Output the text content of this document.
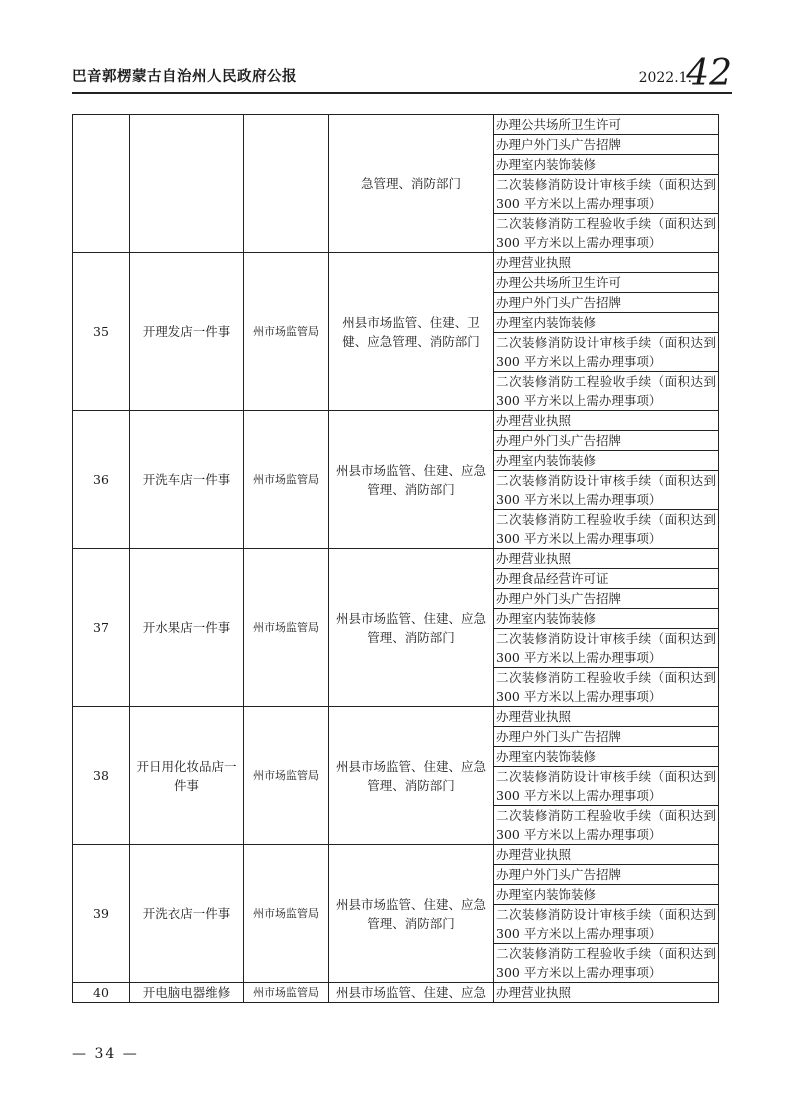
巴音郭楞蒙古自治州人民政府公报	2022.1.
42
			急管理、消防部门	办理公共场所卫生许可
				办理户外门头广告招牌
				办理室内装饰装修
				二次装修消防设计审核手续（面积达到300 平方米以上需办理事项）
				二次装修消防工程验收手续（面积达到300 平方米以上需办理事项）
35	开理发店一件事	州市场监管局	州县市场监管、住建、卫健、应急管理、消防部门	办理营业执照
				办理公共场所卫生许可
				办理户外门头广告招牌
				办理室内装饰装修
				二次装修消防设计审核手续（面积达到300 平方米以上需办理事项）
				二次装修消防工程验收手续（面积达到300 平方米以上需办理事项）
36	开洗车店一件事	州市场监管局	州县市场监管、住建、应急管理、消防部门	办理营业执照
				办理户外门头广告招牌
				办理室内装饰装修
				二次装修消防设计审核手续（面积达到300 平方米以上需办理事项）
				二次装修消防工程验收手续（面积达到300 平方米以上需办理事项）
37	开水果店一件事	州市场监管局	州县市场监管、住建、应急管理、消防部门	办理营业执照
				办理食品经营许可证
				办理户外门头广告招牌
				办理室内装饰装修
				二次装修消防设计审核手续（面积达到300 平方米以上需办理事项）
				二次装修消防工程验收手续（面积达到300 平方米以上需办理事项）
38	开日用化妆品店一件事	州市场监管局	州县市场监管、住建、应急管理、消防部门	办理营业执照
				办理户外门头广告招牌
				办理室内装饰装修
				二次装修消防设计审核手续（面积达到300 平方米以上需办理事项）
				二次装修消防工程验收手续（面积达到300 平方米以上需办理事项）
39	开洗衣店一件事	州市场监管局	州县市场监管、住建、应急管理、消防部门	办理营业执照
				办理户外门头广告招牌
				办理室内装饰装修
				二次装修消防设计审核手续（面积达到300 平方米以上需办理事项）
				二次装修消防工程验收手续（面积达到300 平方米以上需办理事项）
40	开电脑电器维修	州市场监管局	州县市场监管、住建、应急	办理营业执照
— 34 —
